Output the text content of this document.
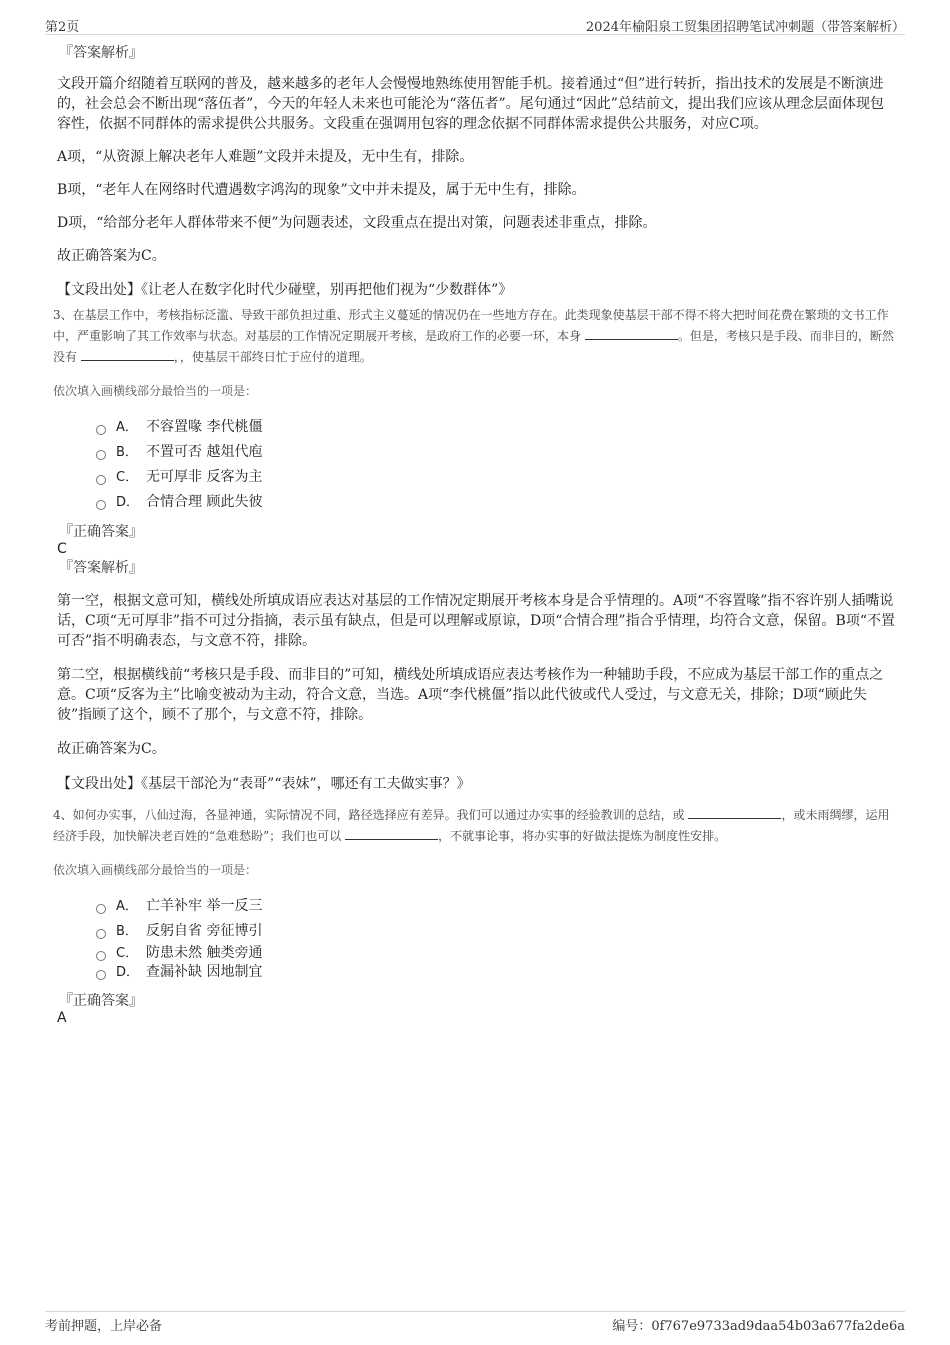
第2页	2024年榆阳泉工贸集团招聘笔试冲刺题（带答案解析）
『答案解析』

文段开篇介绍随着互联网的普及，越来越多的老年人会慢慢地熟练使用智能手机。接着通过“但”进行转折，指出技术的发展是不断演进的，社会总会不断出现“落伍者”，今天的年轻人未来也可能沦为“落伍者”。尾句通过“因此”总结前文，提出我们应该从理念层面体现包容性，依据不同群体的需求提供公共服务。文段重在强调用包容的理念依据不同群体需求提供公共服务，对应C项。

A项，“从资源上解决老年人难题”文段并未提及，无中生有，排除。

B项，“老年人在网络时代遭遇数字鸿沟的现象”文中并未提及，属于无中生有，排除。

D项，“给部分老年人群体带来不便”为问题表述，文段重点在提出对策，问题表述非重点，排除。

故正确答案为C。

【文段出处】《让老人在数字化时代少碰壁，别再把他们视为“少数群体”》

3、在基层工作中，考核指标泛滥、导致干部负担过重、形式主义蔓延的情况仍在一些地方存在。此类现象使基层干部不得不将大把时间花费在繁琐的文书工作中，严重影响了其工作效率与状态。对基层的工作情况定期展开考核，是政府工作的必要一环，本身	。但是，考核只是手段、而非目的，断然没有	，，使基层干部终日忙于应付的道理。

依次填入画横线部分最恰当的一项是：

A． 不容置喙 李代桃僵
B． 不置可否 越俎代庖
C． 无可厚非 反客为主
D． 合情合理 顾此失彼
『正确答案』

C

『答案解析』

第一空，根据文意可知，横线处所填成语应表达对基层的工作情况定期展开考核本身是合乎情理的。A项“不容置喙”指不容许别人插嘴说话，C项“无可厚非”指不可过分指摘，表示虽有缺点，但是可以理解或原谅，D项“合情合理”指合乎情理，均符合文意，保留。B项“不置可否”指不明确表态，与文意不符，排除。

第二空，根据横线前“考核只是手段、而非目的”可知，横线处所填成语应表达考核作为一种辅助手段，不应成为基层干部工作的重点之意。C项“反客为主”比喻变被动为主动，符合文意，当选。A项“李代桃僵”指以此代彼或代人受过，与文意无关，排除；D项“顾此失彼”指顾了这个，顾不了那个，与文意不符，排除。

故正确答案为C。

【文段出处】《基层干部沦为“表哥”“表妹”，哪还有工夫做实事？》

4、如何办实事，八仙过海，各显神通，实际情况不同，路径选择应有差异。我们可以通过办实事的经验教训的总结，或	，或未雨绸缪，运用经济手段，加快解决老百姓的“急难愁盼”；我们也可以	，不就事论事，将办实事的好做法提炼为制度性安排。

依次填入画横线部分最恰当的一项是：

A． 亡羊补牢 举一反三
B． 反躬自省 旁征博引
C． 防患未然 触类旁通
D． 查漏补缺 因地制宜
『正确答案』

A

考前押题，上岸必备	编号：0f767e9733ad9daa54b03a677fa2de6a
